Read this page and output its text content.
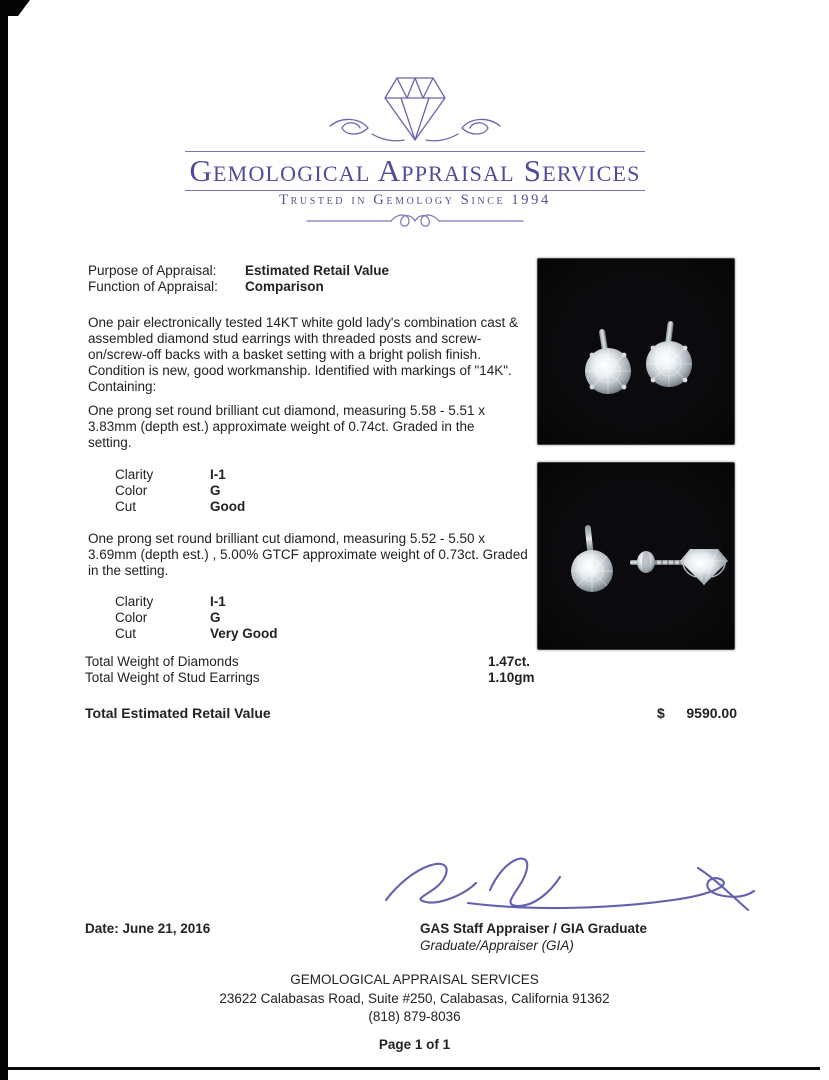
Gemological Appraisal Services
Trusted in Gemology Since 1994
Purpose of Appraisal: Estimated Retail Value
Function of Appraisal: Comparison
One pair electronically tested 14KT white gold lady's combination cast & assembled diamond stud earrings with threaded posts and screw-on/screw-off backs with a basket setting with a bright polish finish. Condition is new, good workmanship. Identified with markings of "14K". Containing:
One prong set round brilliant cut diamond, measuring 5.58 - 5.51 x 3.83mm (depth est.) approximate weight of 0.74ct. Graded in the setting.
Clarity	I-1
Color	G
Cut	Good
One prong set round brilliant cut diamond, measuring 5.52 - 5.50 x 3.69mm (depth est.) , 5.00% GTCF approximate weight of 0.73ct. Graded in the setting.
Clarity	I-1
Color	G
Cut	Very Good
Total Weight of Diamonds	1.47ct.
Total Weight of Stud Earrings	1.10gm
Total Estimated Retail Value	$ 9590.00
Date: June 21, 2016	GAS Staff Appraiser / GIA Graduate
Graduate/Appraiser (GIA)
GEMOLOGICAL APPRAISAL SERVICES
23622 Calabasas Road, Suite #250, Calabasas, California 91362
(818) 879-8036
Page 1 of 1
